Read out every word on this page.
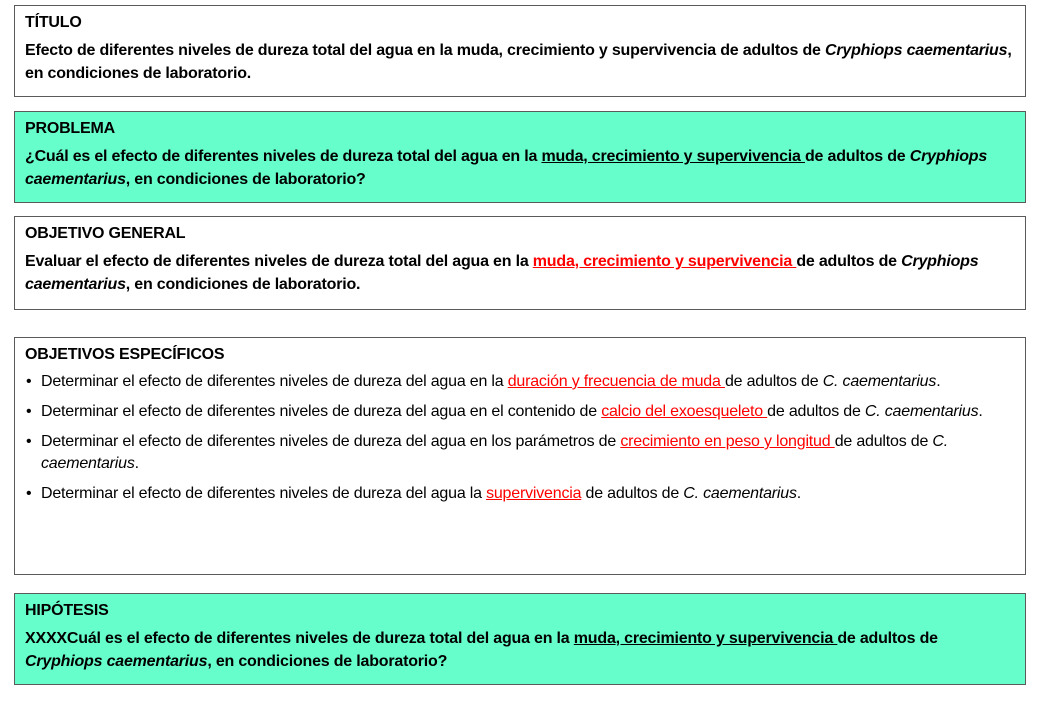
TÍTULO
Efecto de diferentes niveles de dureza total del agua en la muda, crecimiento y supervivencia de adultos de Cryphiops caementarius, en condiciones de laboratorio.
PROBLEMA
¿Cuál es el efecto de diferentes niveles de dureza total del agua en la muda, crecimiento y supervivencia de adultos de Cryphiops caementarius, en condiciones de laboratorio?
OBJETIVO GENERAL
Evaluar el efecto de diferentes niveles de dureza total del agua en la muda, crecimiento y supervivencia de adultos de Cryphiops caementarius, en condiciones de laboratorio.
OBJETIVOS ESPECÍFICOS
• Determinar el efecto de diferentes niveles de dureza del agua en la duración y frecuencia de muda de adultos de C. caementarius.
• Determinar el efecto de diferentes niveles de dureza del agua en el contenido de calcio del exoesqueleto de adultos de C. caementarius.
• Determinar el efecto de diferentes niveles de dureza del agua en los parámetros de crecimiento en peso y longitud de adultos de C. caementarius.
• Determinar el efecto de diferentes niveles de dureza del agua la supervivencia de adultos de C. caementarius.
HIPÓTESIS
XXXXCuál es el efecto de diferentes niveles de dureza total del agua en la muda, crecimiento y supervivencia de adultos de Cryphiops caementarius, en condiciones de laboratorio?
